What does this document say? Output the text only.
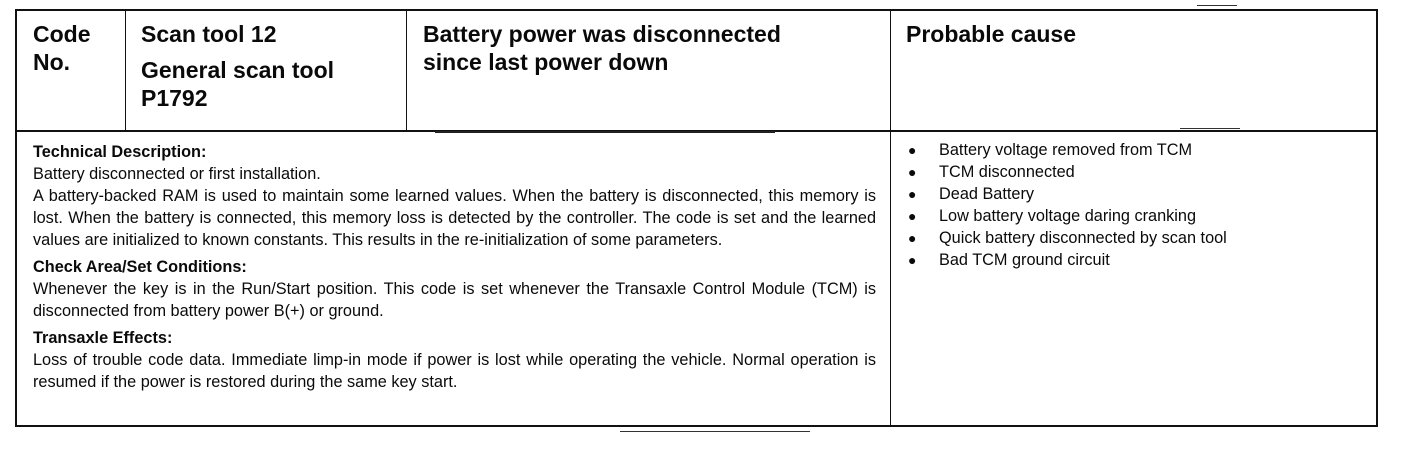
Code
No.
Scan tool 12
General scan tool
P1792
Battery power was disconnected
since last power down
Probable cause
Technical Description:
Battery disconnected or first installation.
A battery-backed RAM is used to maintain some learned values. When the battery is disconnected, this memory is lost. When the battery is connected, this memory loss is detected by the controller. The code is set and the learned values are initialized to known constants. This results in the re-initialization of some parameters.
Check Area/Set Conditions:
Whenever the key is in the Run/Start position. This code is set whenever the Transaxle Control Module (TCM) is disconnected from battery power B(+) or ground.
Transaxle Effects:
Loss of trouble code data. Immediate limp-in mode if power is lost while operating the vehicle. Normal operation is resumed if the power is restored during the same key start.
● Battery voltage removed from TCM
● TCM disconnected
● Dead Battery
● Low battery voltage daring cranking
● Quick battery disconnected by scan tool
● Bad TCM ground circuit
